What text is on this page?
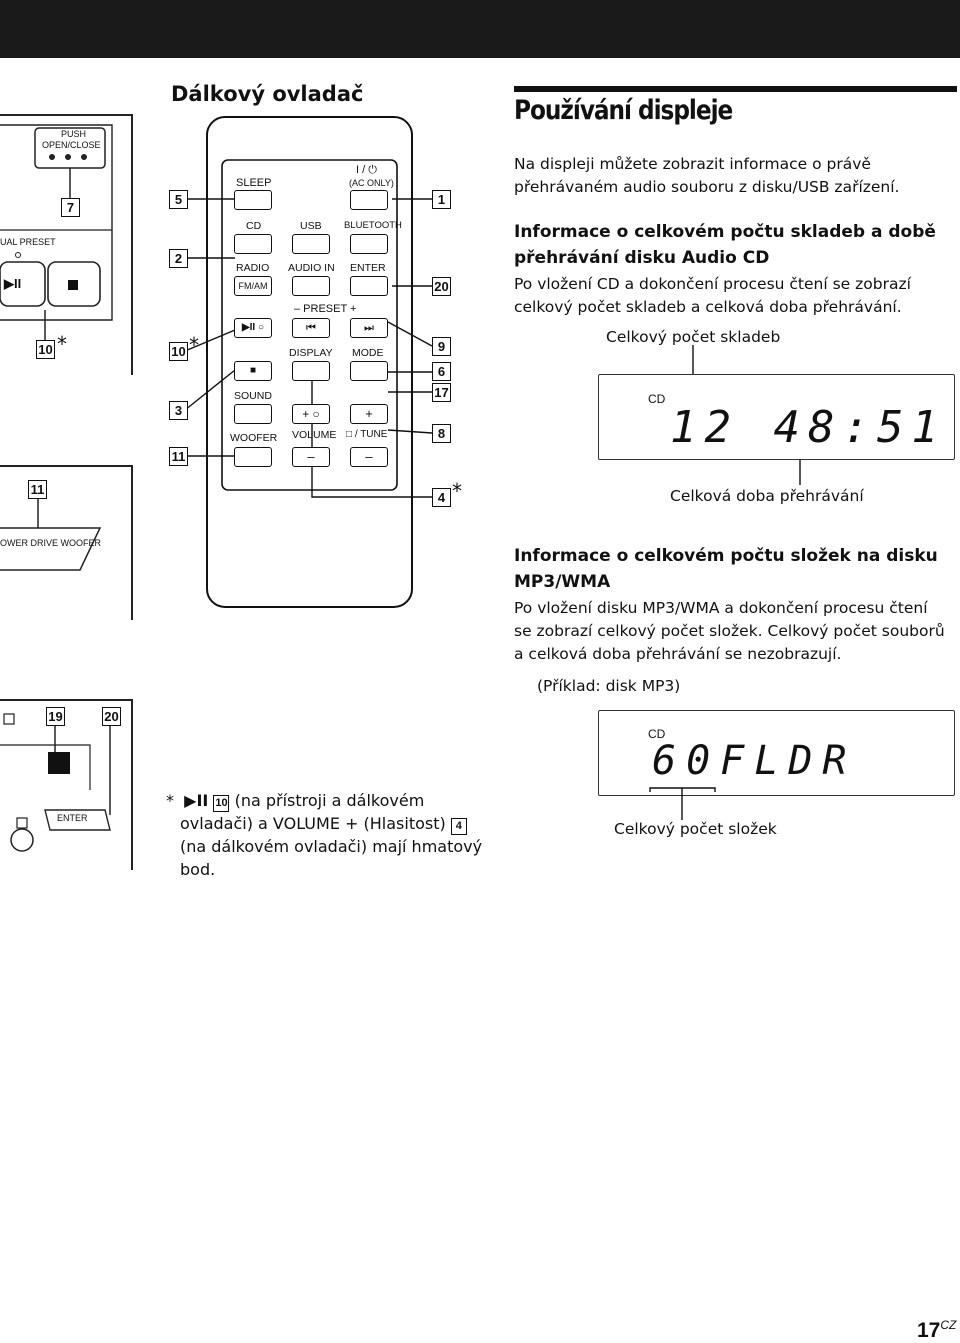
Dálkový ovladač
PUSH
OPEN/CLOSE
UAL PRESET
▶II
OWER DRIVE WOOFER
ENTER
7
10 *
11
19	20
5
2
10 *
3
11
1
20
9
6
17
8
4 *
SLEEP
I / ⏻
(AC ONLY)
CD	USB BLUETOOTH
RADIO
FM/AM
AUDIO IN ENTER
– PRESET +
⏮	⏭
▶II ○
DISPLAY MODE
■
SOUND
+ ○	+
WOOFER VOLUME
–
□ / TUNE
–
* ▶II 10 (na přístroji a dálkovém
ovladači) a VOLUME + (Hlasitost) 4
(na dálkovém ovladači) mají hmatový
bod.
Používání displeje
Na displeji můžete zobrazit informace o právě
přehrávaném audio souboru z disku/USB zařízení.
Informace o celkovém počtu skladeb a době
přehrávání disku Audio CD
Po vložení CD a dokončení procesu čtení se zobrazí
celkový počet skladeb a celková doba přehrávání.
Celkový počet skladeb
CD
12 48:51
Celková doba přehrávání
Informace o celkovém počtu složek na disku
MP3/WMA
Po vložení disku MP3/WMA a dokončení procesu čtení
se zobrazí celkový počet složek. Celkový počet souborů
a celková doba přehrávání se nezobrazují.
(Příklad: disk MP3)
CD
60FLDR
Celkový počet složek
$17^{CZ}$
